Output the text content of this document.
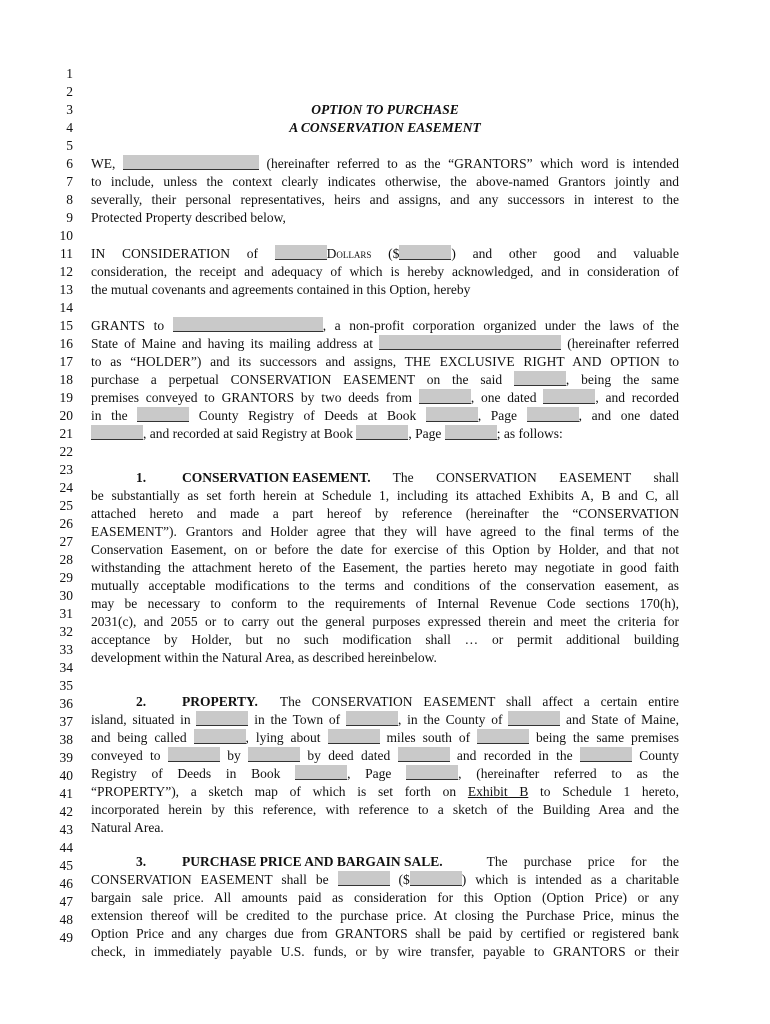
1
2
3
4
5
6
7
8
9
10
11
12
13
14
15
16
17
18
19
20
21
22
23
24
25
26
27
28
29
30
31
32
33
34
35
36
37
38
39
40
41
42
43
44
45
46
47
48
49
OPTION TO PURCHASE
A CONSERVATION EASEMENT
WE,	(hereinafter referred to as the “GRANTORS” which word is intended
to include, unless the context clearly indicates otherwise, the above-named Grantors jointly and
severally, their personal representatives, heirs and assigns, and any successors in interest to the
Protected Property described below,
IN CONSIDERATION of	Dollars ($	) and other good and valuable
consideration, the receipt and adequacy of which is hereby acknowledged, and in consideration of
the mutual covenants and agreements contained in this Option, hereby
GRANTS to	, a non-profit corporation organized under the laws of the
State of Maine and having its mailing address at	(hereinafter referred
to as “HOLDER”) and its successors and assigns, THE EXCLUSIVE RIGHT AND OPTION to
purchase a perpetual CONSERVATION EASEMENT on the said	, being the same
premises conveyed to GRANTORS by two deeds from	, one dated	, and recorded
in the	County Registry of Deeds at Book	, Page	, and one dated
, and recorded at said Registry at Book	, Page	; as follows:
1.	CONSERVATION EASEMENT. The CONSERVATION EASEMENT shall
be substantially as set forth herein at Schedule 1, including its attached Exhibits A, B and C, all
attached hereto and made a part hereof by reference (hereinafter the “CONSERVATION
EASEMENT”). Grantors and Holder agree that they will have agreed to the final terms of the
Conservation Easement, on or before the date for exercise of this Option by Holder, and that not
withstanding the attachment hereto of the Easement, the parties hereto may negotiate in good faith
mutually acceptable modifications to the terms and conditions of the conservation easement, as
may be necessary to conform to the requirements of Internal Revenue Code sections 170(h),
2031(c), and 2055 or to carry out the general purposes expressed therein and meet the criteria for
acceptance by Holder, but no such modification shall … or permit additional building
development within the Natural Area, as described hereinbelow.
2.	PROPERTY. The CONSERVATION EASEMENT shall affect a certain entire
island, situated in	in the Town of	, in the County of	and State of Maine,
and being called	, lying about	miles south of	being the same premises
conveyed to	by	by deed dated	and recorded in the	County
Registry of Deeds in Book	, Page	, (hereinafter referred to as the
“PROPERTY”), a sketch map of which is set forth on Exhibit B to Schedule 1 hereto,
incorporated herein by this reference, with reference to a sketch of the Building Area and the
Natural Area.
3.	PURCHASE PRICE AND BARGAIN SALE.	The purchase price for the
CONSERVATION EASEMENT shall be	($	) which is intended as a charitable
bargain sale price. All amounts paid as consideration for this Option (Option Price) or any
extension thereof will be credited to the purchase price. At closing the Purchase Price, minus the
Option Price and any charges due from GRANTORS shall be paid by certified or registered bank
check, in immediately payable U.S. funds, or by wire transfer, payable to GRANTORS or their
